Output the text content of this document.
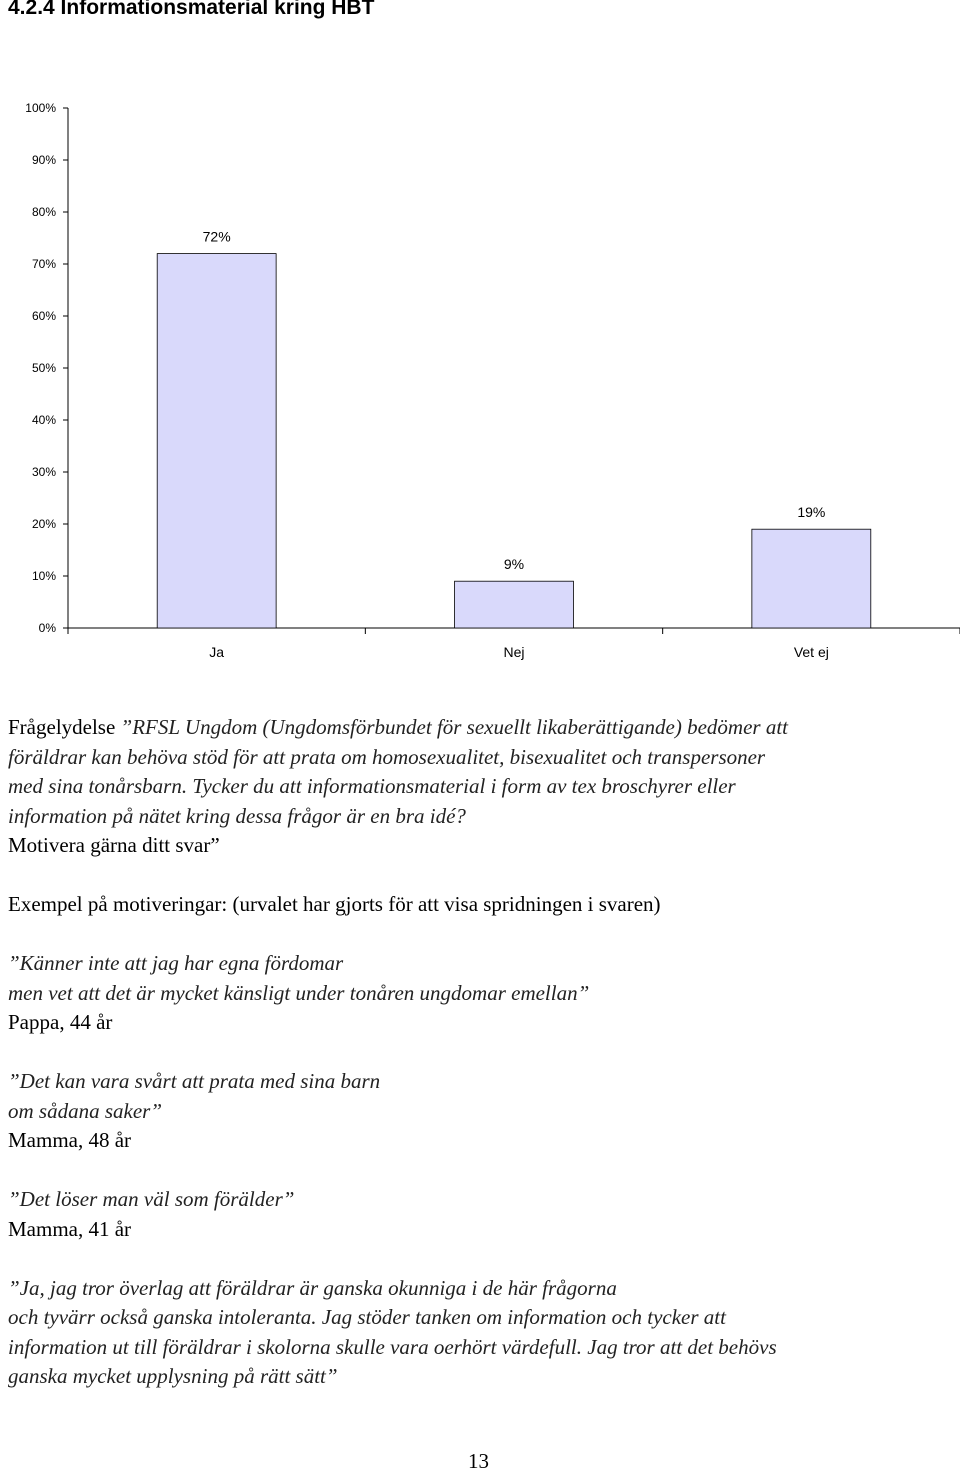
4.2.4 Informationsmaterial kring HBT
0%
10%
20%
30%
40%
50%
60%
70%
80%
90%
100%
Ja	Nej	Vet ej
72%
9%
19%

Frågelydelse ”RFSL Ungdom (Ungdomsförbundet för sexuellt likaberättigande) bedömer att

föräldrar kan behöva stöd för att prata om homosexualitet, bisexualitet och transpersoner

med sina tonårsbarn. Tycker du att informationsmaterial i form av tex broschyrer eller

information på nätet kring dessa frågor är en bra idé?

Motivera gärna ditt svar”

Exempel på motiveringar: (urvalet har gjorts för att visa spridningen i svaren)

”Känner inte att jag har egna fördomar

men vet att det är mycket känsligt under tonåren ungdomar emellan”

Pappa, 44 år

”Det kan vara svårt att prata med sina barn

om sådana saker”

Mamma, 48 år

”Det löser man väl som förälder”

Mamma, 41 år

”Ja, jag tror överlag att föräldrar är ganska okunniga i de här frågorna

och tyvärr också ganska intoleranta. Jag stöder tanken om information och tycker att

information ut till föräldrar i skolorna skulle vara oerhört värdefull. Jag tror att det behövs

ganska mycket upplysning på rätt sätt”

13
